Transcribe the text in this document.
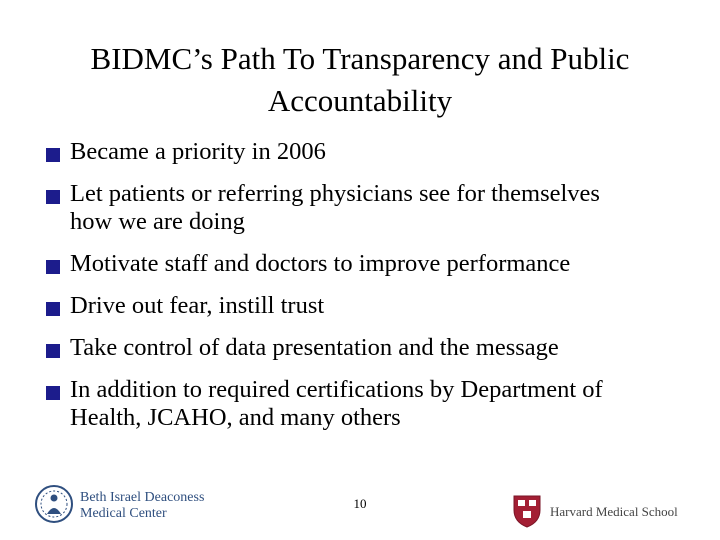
BIDMC’s Path To Transparency and Public Accountability
Became a priority in 2006
Let patients or referring physicians see for themselves
how we are doing
Motivate staff and doctors to improve performance
Drive out fear, instill trust
Take control of data presentation and the message
In addition to required certifications by Department of
Health, JCAHO, and many others
Beth Israel Deaconess
Medical Center
10
Harvard Medical School
